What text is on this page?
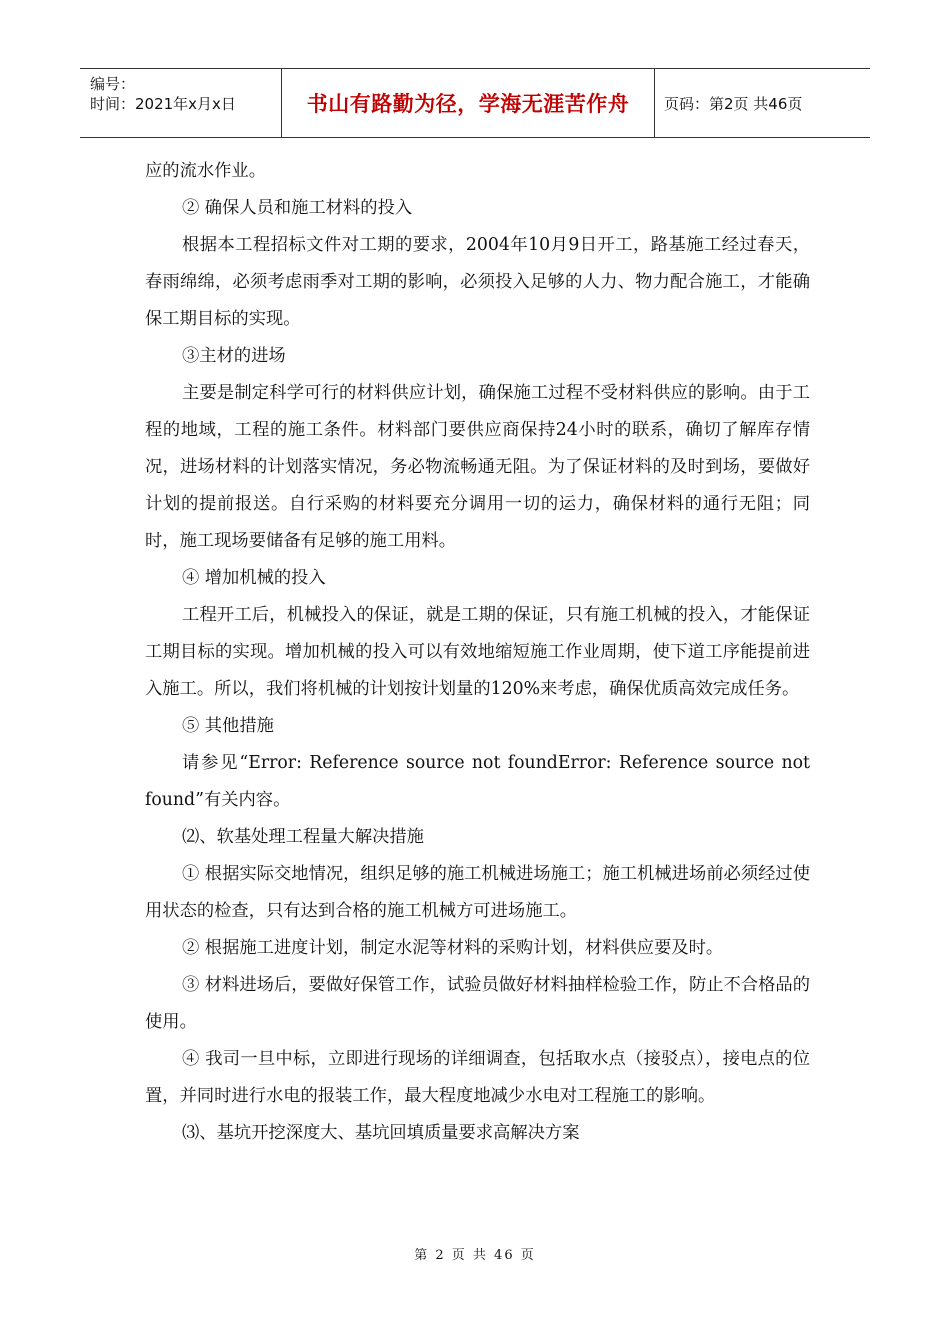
编号：
时间：2021年x月x日	书山有路勤为径，学海无涯苦作舟	页码：第2页 共46页

应的流水作业。

② 确保人员和施工材料的投入

根据本工程招标文件对工期的要求，2004年10月9日开工，路基施工经过春天，春雨绵绵，必须考虑雨季对工期的影响，必须投入足够的人力、物力配合施工，才能确保工期目标的实现。

③主材的进场

主要是制定科学可行的材料供应计划，确保施工过程不受材料供应的影响。由于工程的地域，工程的施工条件。材料部门要供应商保持24小时的联系，确切了解库存情况，进场材料的计划落实情况，务必物流畅通无阻。为了保证材料的及时到场，要做好计划的提前报送。自行采购的材料要充分调用一切的运力，确保材料的通行无阻；同时，施工现场要储备有足够的施工用料。

④ 增加机械的投入

工程开工后，机械投入的保证，就是工期的保证，只有施工机械的投入，才能保证工期目标的实现。增加机械的投入可以有效地缩短施工作业周期，使下道工序能提前进入施工。所以，我们将机械的计划按计划量的120%来考虑，确保优质高效完成任务。

⑤ 其他措施

请参见“Error: Reference source not foundError: Reference source not found”有关内容。

⑵、软基处理工程量大解决措施

① 根据实际交地情况，组织足够的施工机械进场施工；施工机械进场前必须经过使用状态的检查，只有达到合格的施工机械方可进场施工。

② 根据施工进度计划，制定水泥等材料的采购计划，材料供应要及时。

③ 材料进场后，要做好保管工作，试验员做好材料抽样检验工作，防止不合格品的使用。

④ 我司一旦中标，立即进行现场的详细调查，包括取水点（接驳点），接电点的位置，并同时进行水电的报装工作，最大程度地减少水电对工程施工的影响。

⑶、基坑开挖深度大、基坑回填质量要求高解决方案

第 2 页 共 46 页
